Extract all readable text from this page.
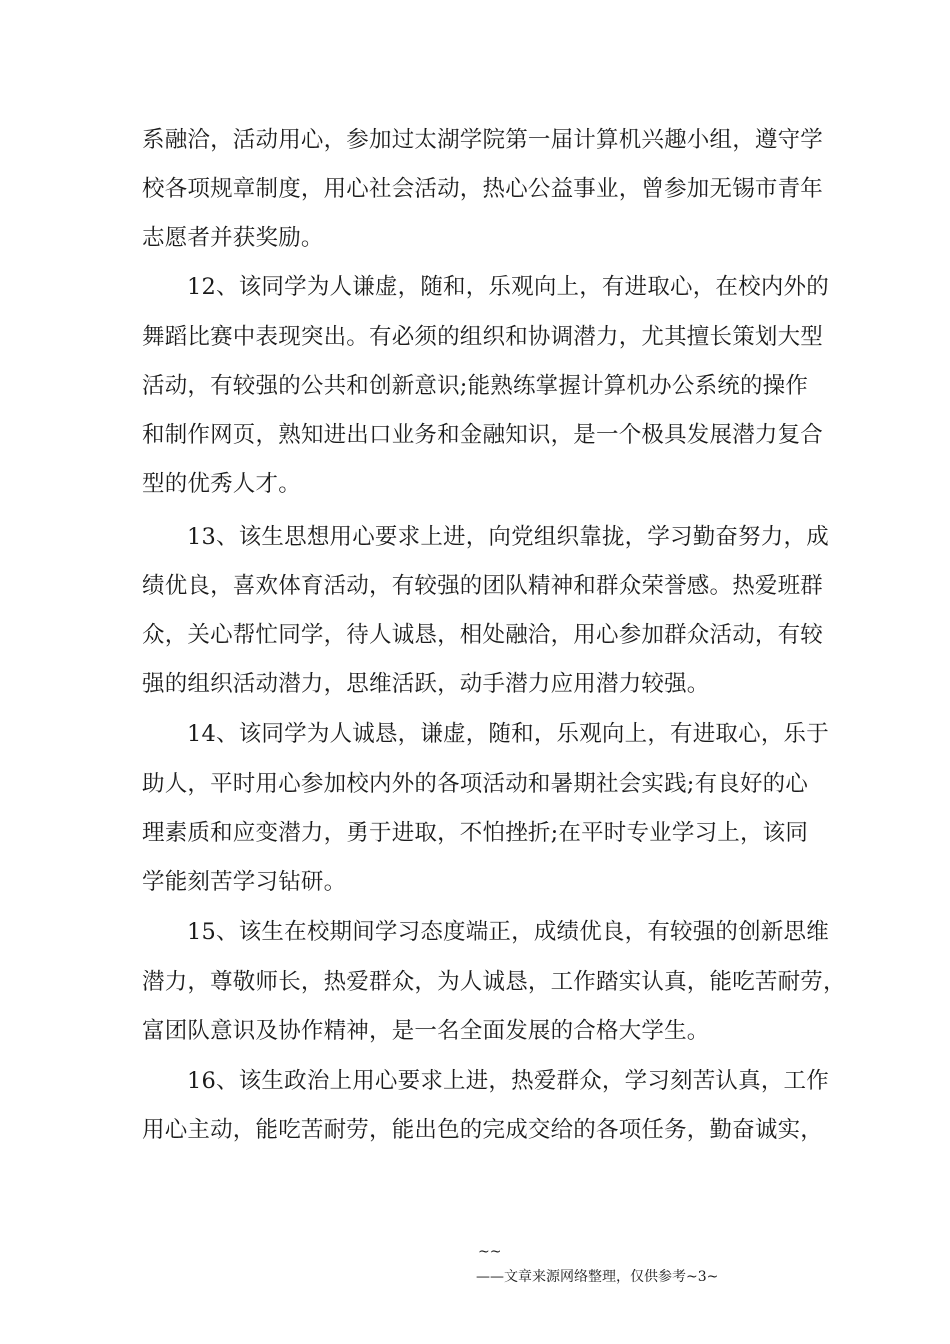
系融洽，活动用心，参加过太湖学院第一届计算机兴趣小组，遵守学
校各项规章制度，用心社会活动，热心公益事业，曾参加无锡市青年
志愿者并获奖励。
12、该同学为人谦虚，随和，乐观向上，有进取心，在校内外的
舞蹈比赛中表现突出。有必须的组织和协调潜力，尤其擅长策划大型
活动，有较强的公共和创新意识;能熟练掌握计算机办公系统的操作
和制作网页，熟知进出口业务和金融知识，是一个极具发展潜力复合
型的优秀人才。
13、该生思想用心要求上进，向党组织靠拢，学习勤奋努力，成
绩优良，喜欢体育活动，有较强的团队精神和群众荣誉感。热爱班群
众，关心帮忙同学，待人诚恳，相处融洽，用心参加群众活动，有较
强的组织活动潜力，思维活跃，动手潜力应用潜力较强。
14、该同学为人诚恳，谦虚，随和，乐观向上，有进取心，乐于
助人，平时用心参加校内外的各项活动和暑期社会实践;有良好的心
理素质和应变潜力，勇于进取，不怕挫折;在平时专业学习上，该同
学能刻苦学习钻研。
15、该生在校期间学习态度端正，成绩优良，有较强的创新思维
潜力，尊敬师长，热爱群众，为人诚恳，工作踏实认真，能吃苦耐劳，
富团队意识及协作精神，是一名全面发展的合格大学生。
16、该生政治上用心要求上进，热爱群众，学习刻苦认真，工作
用心主动，能吃苦耐劳，能出色的完成交给的各项任务，勤奋诚实，
~~
——文章来源网络整理，仅供参考~3~
